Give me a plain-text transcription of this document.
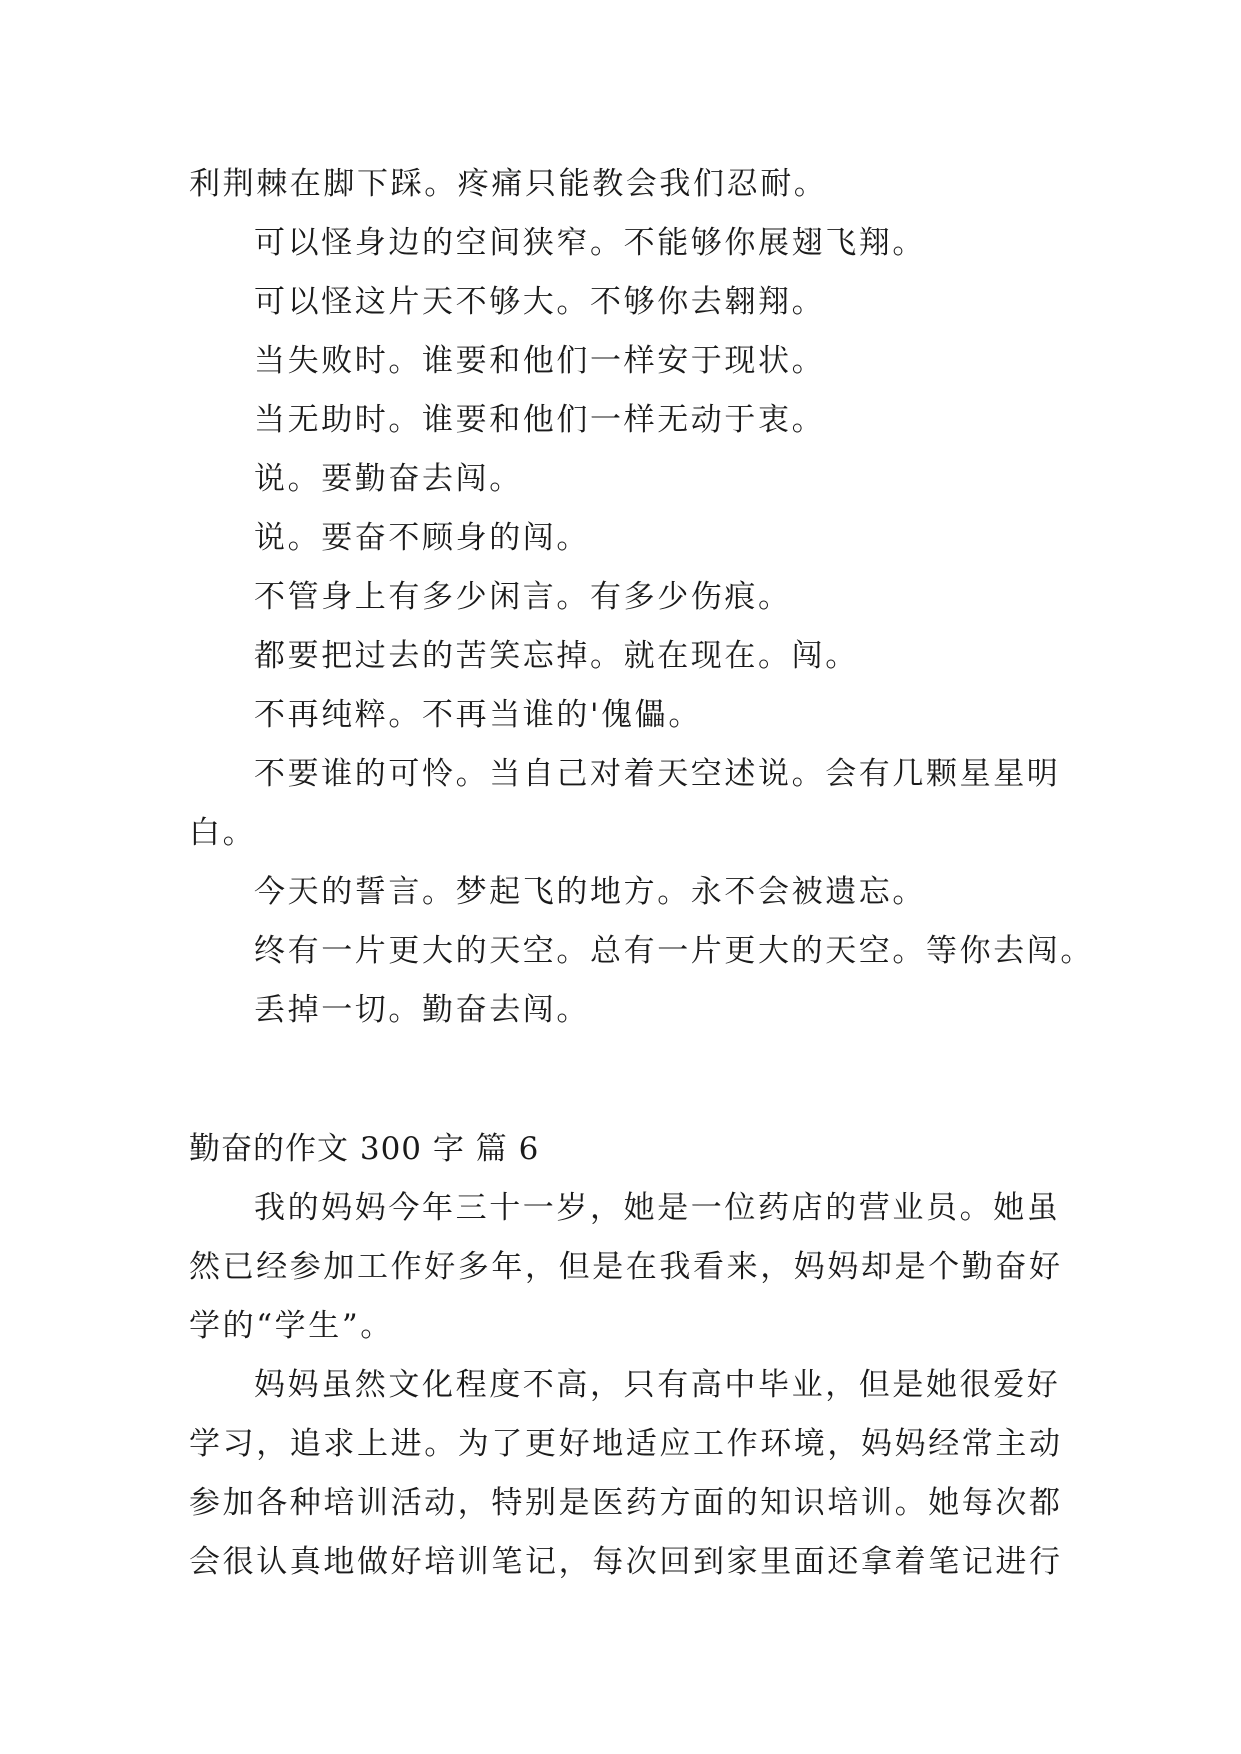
利荆棘在脚下踩。疼痛只能教会我们忍耐。
可以怪身边的空间狭窄。不能够你展翅飞翔。
可以怪这片天不够大。不够你去翱翔。
当失败时。谁要和他们一样安于现状。
当无助时。谁要和他们一样无动于衷。
说。要勤奋去闯。
说。要奋不顾身的闯。
不管身上有多少闲言。有多少伤痕。
都要把过去的苦笑忘掉。就在现在。闯。
不再纯粹。不再当谁的'傀儡。
不要谁的可怜。当自己对着天空述说。会有几颗星星明
白。
今天的誓言。梦起飞的地方。永不会被遗忘。
终有一片更大的天空。总有一片更大的天空。等你去闯。
丢掉一切。勤奋去闯。
勤奋的作文 300 字 篇 6
我的妈妈今年三十一岁，她是一位药店的营业员。她虽
然已经参加工作好多年，但是在我看来，妈妈却是个勤奋好
学的“学生”。
妈妈虽然文化程度不高，只有高中毕业，但是她很爱好
学习，追求上进。为了更好地适应工作环境，妈妈经常主动
参加各种培训活动，特别是医药方面的知识培训。她每次都
会很认真地做好培训笔记，每次回到家里面还拿着笔记进行
